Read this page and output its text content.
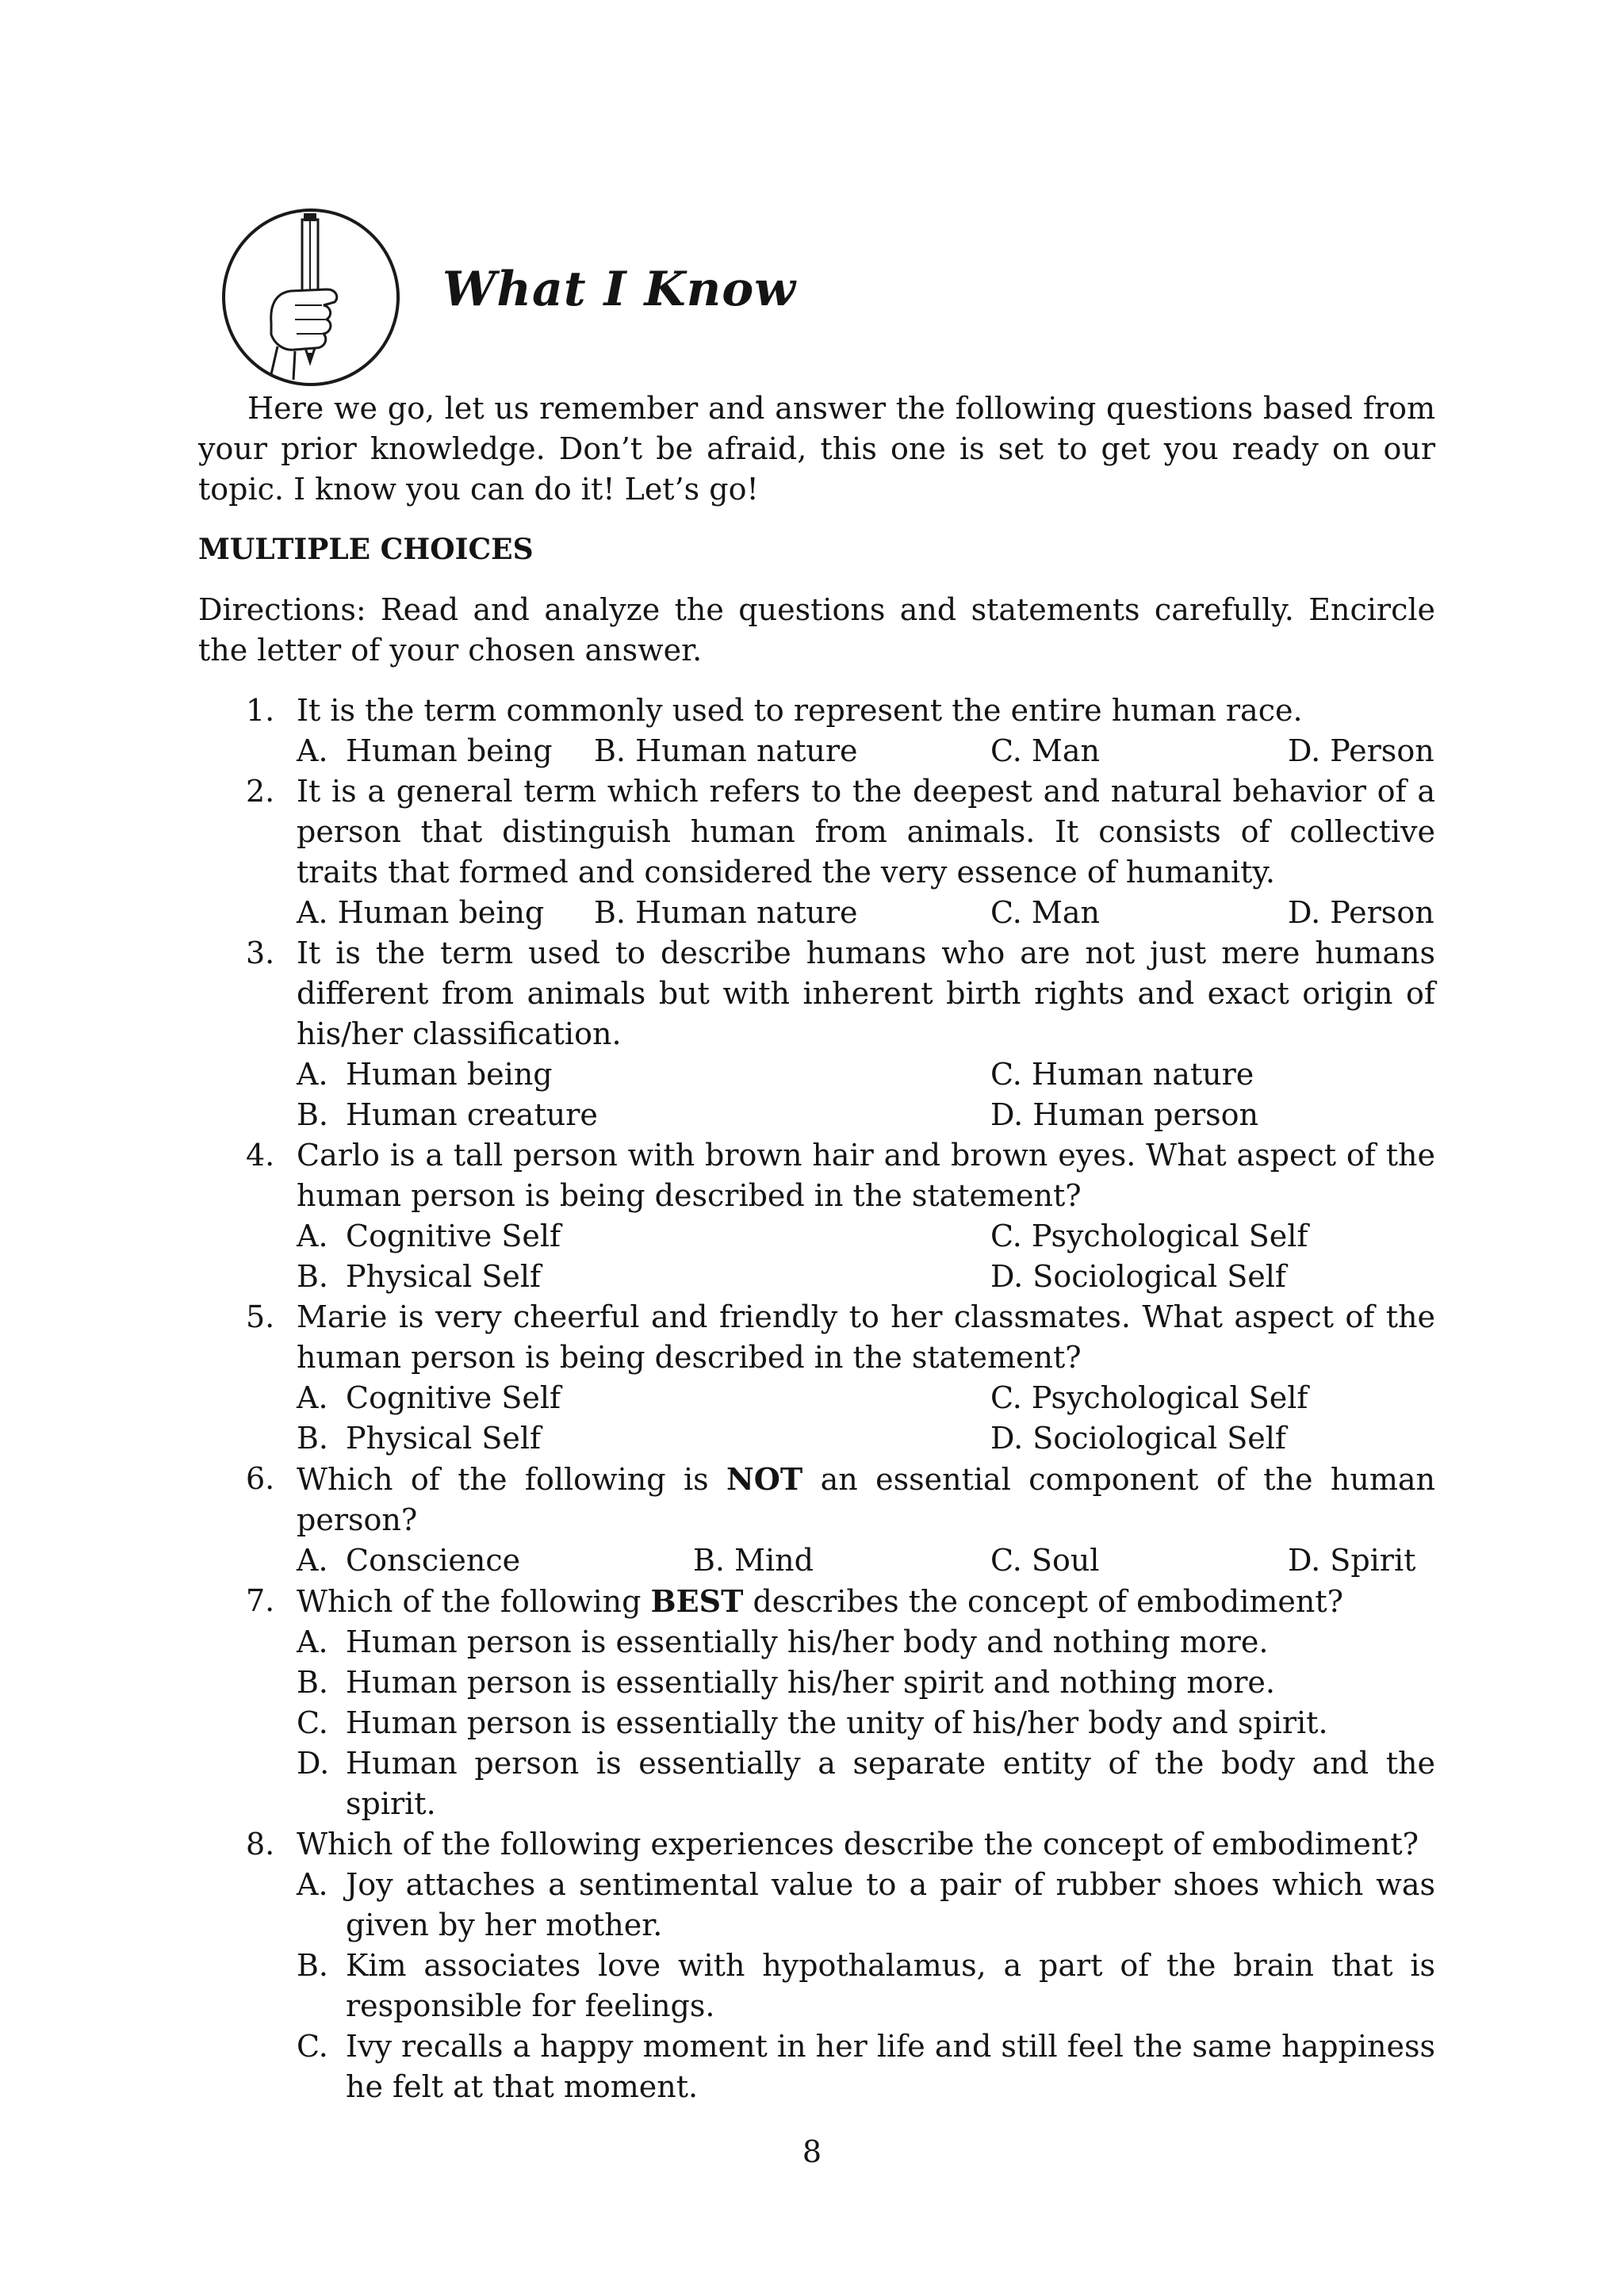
What I Know

Here we go, let us remember and answer the following questions based from your prior knowledge. Don’t be afraid, this one is set to get you ready on our topic. I know you can do it! Let’s go!

MULTIPLE CHOICES

Directions: Read and analyze the questions and statements carefully. Encircle the letter of your chosen answer.

1. It is the term commonly used to represent the entire human race.
A. Human being	B. Human nature	C. Man	D. Person
2. It is a general term which refers to the deepest and natural behavior of a person that distinguish human from animals. It consists of collective traits that formed and considered the very essence of humanity.
A. Human being	B. Human nature	C. Man	D. Person
3. It is the term used to describe humans who are not just mere humans different from animals but with inherent birth rights and exact origin of his/her classification.
A. Human being	C. Human nature
B. Human creature	D. Human person
4. Carlo is a tall person with brown hair and brown eyes. What aspect of the human person is being described in the statement?
A. Cognitive Self	C. Psychological Self
B. Physical Self	D. Sociological Self
5. Marie is very cheerful and friendly to her classmates. What aspect of the human person is being described in the statement?
A. Cognitive Self	C. Psychological Self
B. Physical Self	D. Sociological Self
6. Which of the following is NOT an essential component of the human person?
A. Conscience	B. Mind	C. Soul	D. Spirit
7. Which of the following BEST describes the concept of embodiment?
A. Human person is essentially his/her body and nothing more.
B. Human person is essentially his/her spirit and nothing more.
C. Human person is essentially the unity of his/her body and spirit.
D. Human person is essentially a separate entity of the body and the spirit.
8. Which of the following experiences describe the concept of embodiment?
A. Joy attaches a sentimental value to a pair of rubber shoes which was given by her mother.
B. Kim associates love with hypothalamus, a part of the brain that is responsible for feelings.
C. Ivy recalls a happy moment in her life and still feel the same happiness he felt at that moment.
8
